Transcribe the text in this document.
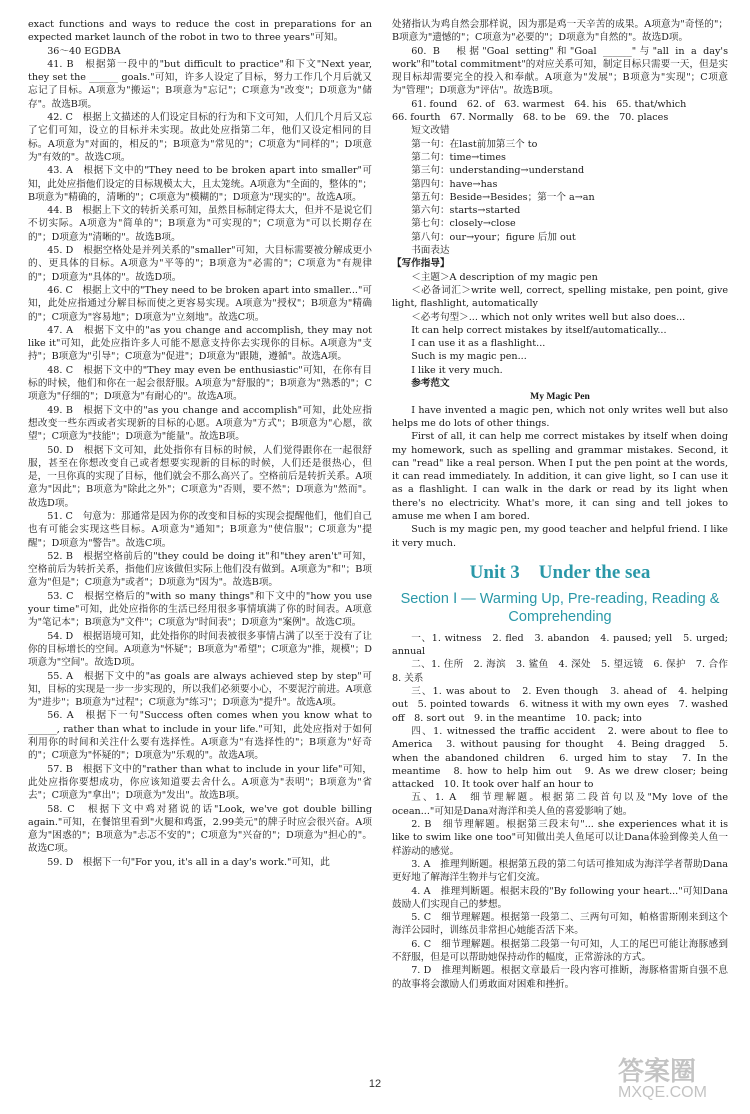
exact functions and ways to reduce the cost in preparations for an expected market launch of the robot in two to three years"可知。

36～40 EGDBA

41. B　根据第一段中的"but difficult to practice"和下文"Next year, they set the ______ goals."可知，许多人设定了目标，努力工作几个月后就又忘记了目标。A项意为"搬运"；B项意为"忘记"；C项意为"改变"；D项意为"储存"。故选B项。

42. C　根据上文描述的人们设定目标的行为和下文可知，人们几个月后又忘了它们可知，设立的目标并未实现。故此处应指第二年，他们又设定相同的目标。A项意为"对面的，相反的"；B项意为"常见的"；C项意为"同样的"；D项意为"有效的"。故选C项。

43. A　根据下文中的"They need to be broken apart into smaller"可知，此处应指他们设定的目标规模太大，且太笼统。A项意为"全面的，整体的"；B项意为"精确的，清晰的"；C项意为"模糊的"；D项意为"现实的"。故选A项。

44. B　根据上下文的转折关系可知，虽然目标制定得太大，但并不是说它们不切实际。A项意为"简单的"；B项意为"可实现的"；C项意为"可以长期存在的"；D项意为"清晰的"。故选B项。

45. D　根据空格处是并列关系的"smaller"可知，大目标需要被分解成更小的、更具体的目标。A项意为"平等的"；B项意为"必需的"；C项意为"有规律的"；D项意为"具体的"。故选D项。

46. C　根据上文中的"They need to be broken apart into smaller..."可知，此处应指通过分解目标而使之更容易实现。A项意为"授权"；B项意为"精确的"；C项意为"容易地"；D项意为"立刻地"。故选C项。

47. A　根据下文中的"as you change and accomplish, they may not like it"可知，此处应指许多人可能不愿意支持你去实现你的目标。A项意为"支持"；B项意为"引导"；C项意为"促进"；D项意为"跟随，遵循"。故选A项。

48. C　根据下文中的"They may even be enthusiastic"可知，在你有目标的时候，他们和你在一起会很舒服。A项意为"舒服的"；B项意为"熟悉的"；C项意为"仔细的"；D项意为"有耐心的"。故选A项。

49. B　根据下文中的"as you change and accomplish"可知，此处应指想改变一些东西或者实现新的目标的心愿。A项意为"方式"；B项意为"心愿，欲望"；C项意为"技能"；D项意为"能量"。故选B项。

50. D　根据下文可知，此处指你有目标的时候，人们觉得跟你在一起很舒服，甚至在你想改变自己或者想要实现新的目标的时候，人们还是很热心，但是，一旦你真的实现了目标，他们就会不那么高兴了。空格前后是转折关系。A项意为"因此"；B项意为"除此之外"；C项意为"否则，要不然"；D项意为"然而"。故选D项。

51. C　句意为：那通常是因为你的改变和目标的实现会提醒他们，他们自己也有可能会实现这些目标。A项意为"通知"；B项意为"使信服"；C项意为"提醒"；D项意为"警告"。故选C项。

52. B　根据空格前后的"they could be doing it"和"they aren't"可知，空格前后为转折关系，指他们应该做但实际上他们没有做到。A项意为"和"；B项意为"但是"；C项意为"或者"；D项意为"因为"。故选B项。

53. C　根据空格后的"with so many things"和下文中的"how you use your time"可知，此处应指你的生活已经用很多事情填满了你的时间表。A项意为"笔记本"；B项意为"文件"；C项意为"时间表"；D项意为"案例"。故选C项。

54. D　根据语境可知，此处指你的时间表被很多事情占满了以至于没有了让你的目标增长的空间。A项意为"怀疑"；B项意为"希望"；C项意为"推，规模"；D项意为"空间"。故选D项。

55. A　根据下文中的"as goals are always achieved step by step"可知，目标的实现是一步一步实现的，所以我们必须要小心，不要泥泞前进。A项意为"进步"；B项意为"过程"；C项意为"练习"；D项意为"提升"。故选A项。

56. A　根据下一句"Success often comes when you know what to ______, rather than what to include in your life."可知，此处应指对于如何利用你的时间和关注什么要有选择性。A项意为"有选择性的"；B项意为"好奇的"；C项意为"怀疑的"；D项意为"乐观的"。故选A项。

57. B　根据下文中的"rather than what to include in your life"可知，此处应指你要想成功，你应该知道要去舍什么。A项意为"表明"；B项意为"省去"；C项意为"拿出"；D项意为"发出"。故选B项。

58. C　根据下文中鸡对猪说的话"Look, we've got double billing again."可知，在餐馆里看到"火腿和鸡蛋，2.99美元"的牌子时应会很兴奋。A项意为"困惑的"；B项意为"忐忑不安的"；C项意为"兴奋的"；D项意为"担心的"。故选C项。

59. D　根据下一句"For you, it's all in a day's work."可知，此

处猪指认为鸡自然会那样说，因为那是鸡一天辛苦的成果。A项意为"奇怪的"；B项意为"遗憾的"；C项意为"必要的"；D项意为"自然的"。故选D项。

60. B　根据"Goal setting"和"Goal ______"与"all in a day's work"和"total commitment"的对应关系可知，制定目标只需要一天，但是实现目标却需要完全的投入和奉献。A项意为"发展"；B项意为"实现"；C项意为"管理"；D项意为"评估"。故选B项。

61. found　62. of　63. warmest　64. his　65. that/which

66. fourth　67. Normally　68. to be　69. the　70. places

短文改错

第一句：在last前加第三个 to

第二句：time→times

第三句：understanding→understand

第四句：have→has

第五句：Beside→Besides；第一个 a→an

第六句：starts→started

第七句：closely→close

第八句：our→your；figure 后加 out

书面表达

【写作指导】

＜主题＞A description of my magic pen

＜必备词汇＞write well, correct, spelling mistake, pen point, give light, flashlight, automatically

＜必考句型＞... which not only writes well but also does...

It can help correct mistakes by itself/automatically...

I can use it as a flashlight...

Such is my magic pen...

I like it very much.

参考范文

My Magic Pen

I have invented a magic pen, which not only writes well but also helps me do lots of other things.

First of all, it can help me correct mistakes by itself when doing my homework, such as spelling and grammar mistakes. Second, it can "read" like a real person. When I put the pen point at the words, it can read immediately. In addition, it can give light, so I can use it as a flashlight. I can walk in the dark or read by its light when there's no electricity. What's more, it can sing and tell jokes to amuse me when I am bored.

Such is my magic pen, my good teacher and helpful friend. I like it very much.

Unit 3　Under the sea
Section Ⅰ — Warming Up, Pre-reading, Reading & Comprehending

一、1. witness　2. fled　3. abandon　4. paused; yell　5. urged; annual

二、1. 住所　2. 海滨　3. 鲨鱼　4. 深处　5. 望远镜　6. 保护　7. 合作　8. 关系

三、1. was about to　2. Even though　3. ahead of　4. helping out　5. pointed towards　6. witness it with my own eyes　7. washed off　8. sort out　9. in the meantime　10. pack; into

四、1. witnessed the traffic accident　2. were about to flee to America　3. without pausing for thought　4. Being dragged　5. when the abandoned children　6. urged him to stay　7. In the meantime　8. how to help him out　9. As we drew closer; being attacked　10. It took over half an hour to

五、1. A　细节理解题。根据第二段首句以及"My love of the ocean..."可知是Dana对海洋和美人鱼的喜爱影响了她。

2. B　细节理解题。根据第三段末句"... she experiences what it is like to swim like one too"可知做出美人鱼尾可以让Dana体验到像美人鱼一样游动的感觉。

3. A　推理判断题。根据第五段的第二句话可推知成为海洋学者帮助Dana更好地了解海洋生物并与它们交流。

4. A　推理判断题。根据末段的"By following your heart..."可知Dana鼓励人们实现自己的梦想。

5. C　细节理解题。根据第一段第二、三两句可知，帕格雷斯刚来到这个海洋公园时，训练员非常担心她能否活下来。

6. C　细节理解题。根据第二段第一句可知，人工的尾巴可能让海豚感到不舒服，但是可以帮助她保持动作的幅度，正常游泳的方式。

7. D　推理判断题。根据文章最后一段内容可推断，海豚格雷斯自强不息的故事将会激励人们勇敢面对困难和挫折。

12	答案圈
MXQE.COM
